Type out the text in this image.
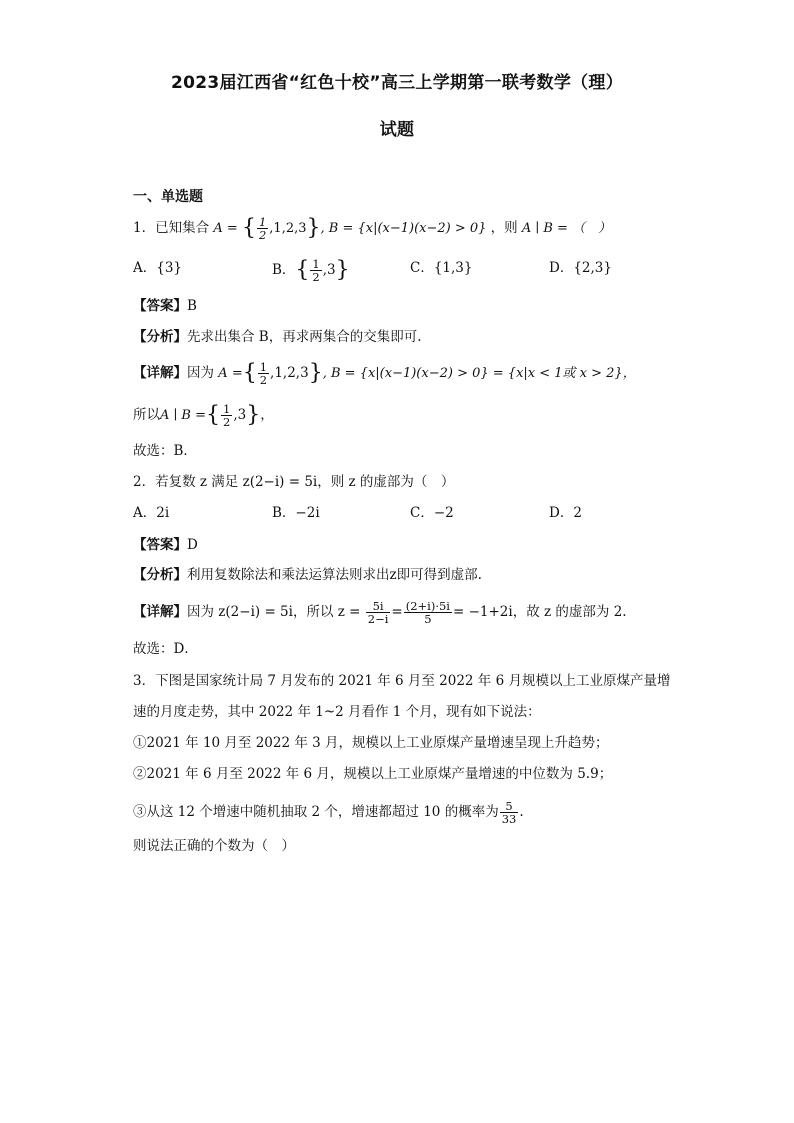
2023届江西省“红色十校”高三上学期第一联考数学（理）
试题
一、单选题
1．已知集合 A = { $\frac{1}{2} ,1,2,3$}, B = {x|(x−1)(x−2) > 0} ，则 A ∣ B = （　）
A．{3}	B．{ $\frac{1}{2} ,3$}	C．{1,3}	D．{2,3}
【答案】B
【分析】先求出集合 B，再求两集合的交集即可.
【详解】因为 A ={ $\frac{1}{2} ,1,2,3$}, B = {x|(x−1)(x−2) > 0} = {x|x < 1或 x > 2}，
所以A ∣ B ={ $\frac{1}{2} ,3$}，
故选：B．
2．若复数 z 满足 z(2−i) = 5i，则 z 的虚部为（　）
A．2i	B．−2i	C．−2	D．2
【答案】D
【分析】利用复数除法和乘法运算法则求出z即可得到虚部.
【详解】因为 z(2−i) = 5i，所以 $z = \frac{5i}{2-i} = \frac{(2+i)\cdot 5i}{5} = -1+2i$，故 z 的虚部为 2.
故选：D．
3．下图是国家统计局 7 月发布的 2021 年 6 月至 2022 年 6 月规模以上工业原煤产量增
速的月度走势，其中 2022 年 1~2 月看作 1 个月，现有如下说法：
①2021 年 10 月至 2022 年 3 月，规模以上工业原煤产量增速呈现上升趋势；
②2021 年 6 月至 2022 年 6 月，规模以上工业原煤产量增速的中位数为 5.9；
③从这 12 个增速中随机抽取 2 个，增速都超过 10 的概率为 $\frac{5}{33}$ .
则说法正确的个数为（　）
